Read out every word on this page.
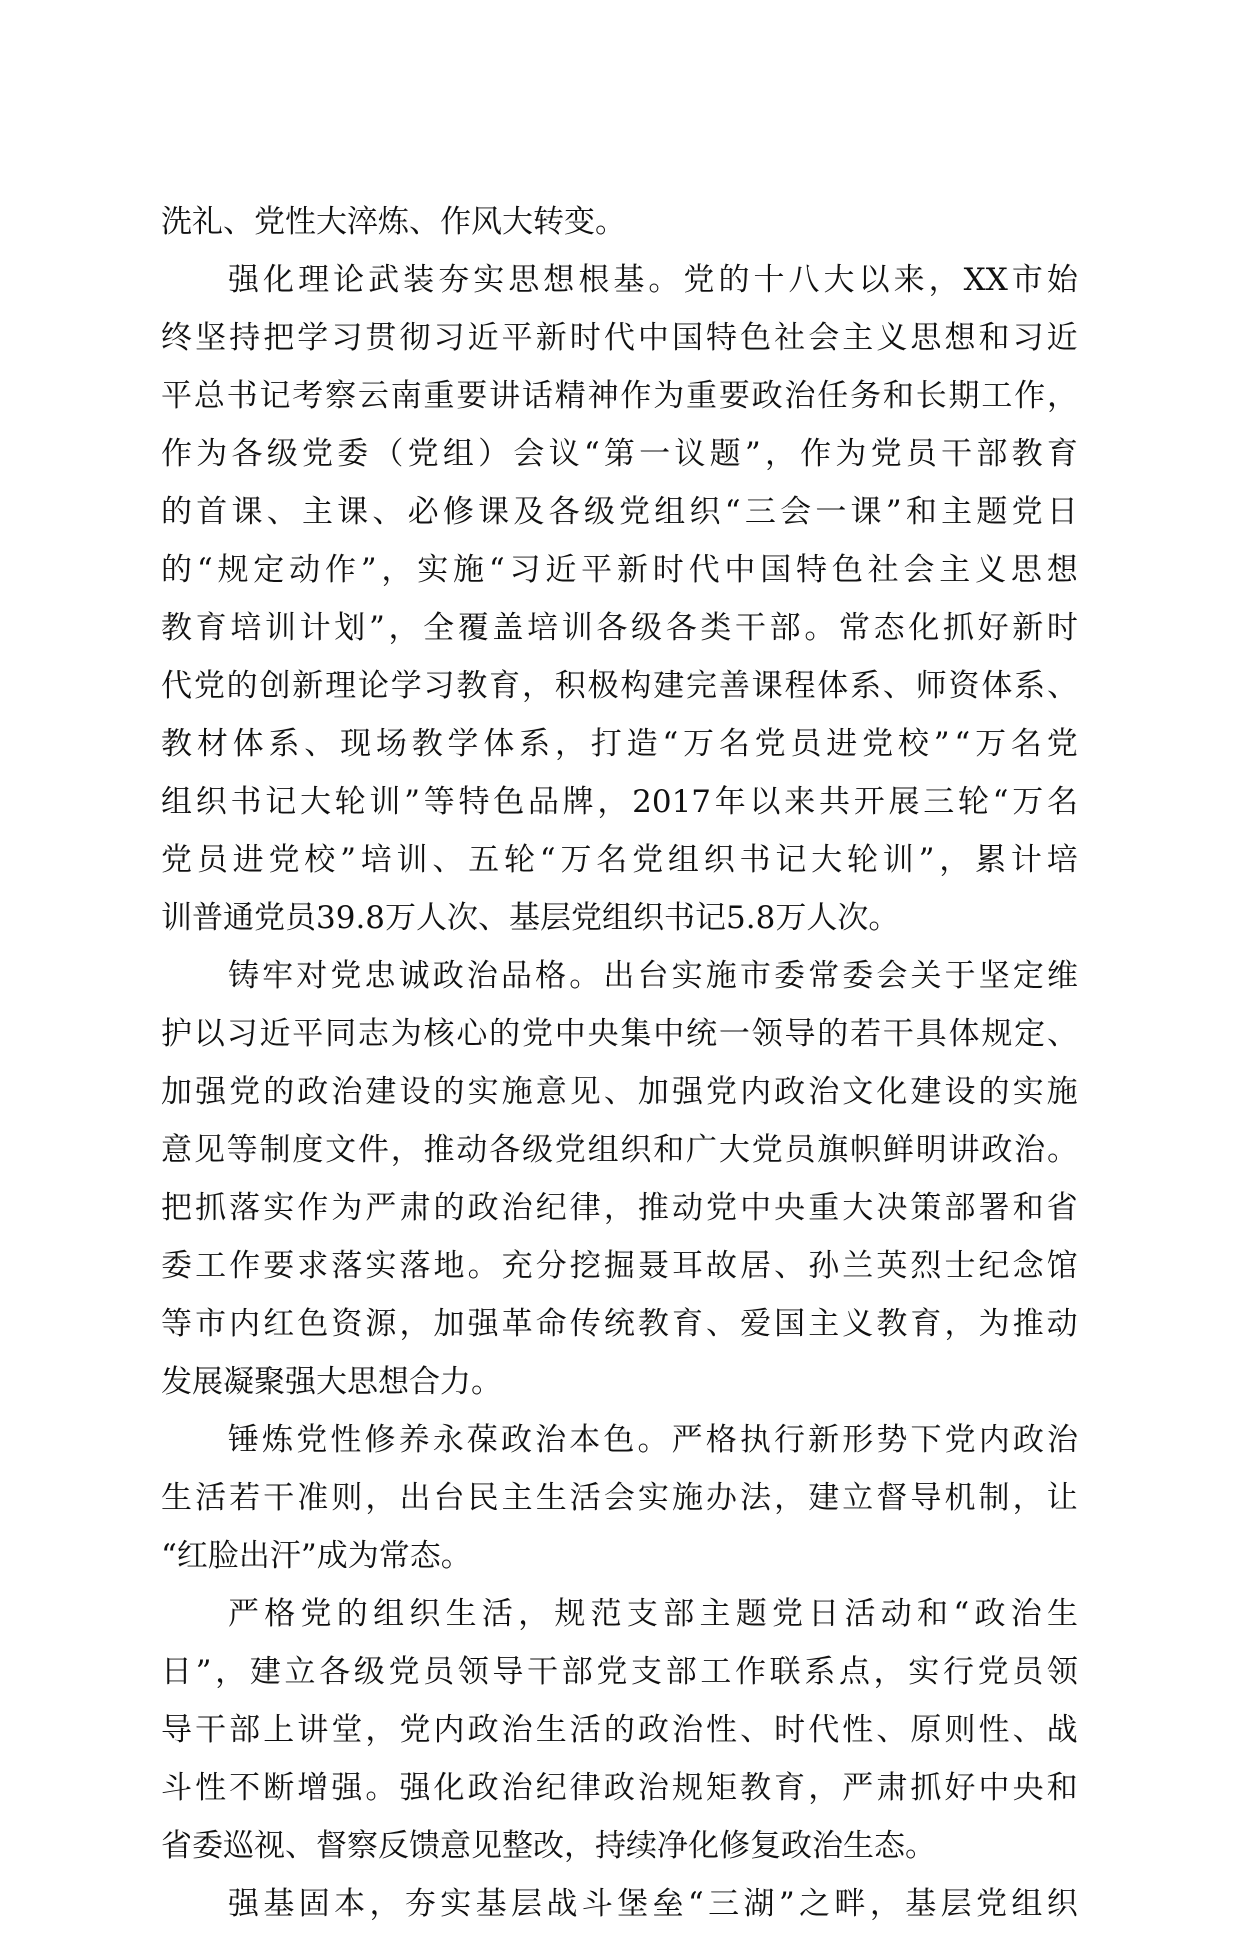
洗礼、党性大淬炼、作风大转变。
强 化 理 论 武 装 夯 实 思 想 根 基 。 党 的 十 八 大 以 来 ， XX 市 始
终 坚 持 把 学 习 贯 彻 习 近 平 新 时 代 中 国 特 色 社 会 主 义 思 想 和 习 近
平 总 书 记 考 察 云 南 重 要 讲 话 精 神 作 为 重 要 政 治 任 务 和 长 期 工 作 ，
作 为 各 级 党 委 （ 党 组 ） 会 议 “ 第 一 议 题 ” ， 作 为 党 员 干 部 教 育
的 首 课 、 主 课 、 必 修 课 及 各 级 党 组 织 “ 三 会 一 课 ” 和 主 题 党 日
的 “ 规 定 动 作 ” ， 实 施 “ 习 近 平 新 时 代 中 国 特 色 社 会 主 义 思 想
教 育 培 训 计 划 ” ， 全 覆 盖 培 训 各 级 各 类 干 部 。 常 态 化 抓 好 新 时
代 党 的 创 新 理 论 学 习 教 育 ， 积 极 构 建 完 善 课 程 体 系 、 师 资 体 系 、
教 材 体 系 、 现 场 教 学 体 系 ， 打 造 “ 万 名 党 员 进 党 校 ” “ 万 名 党
组 织 书 记 大 轮 训 ” 等 特 色 品 牌 ， 2017 年 以 来 共 开 展 三 轮 “ 万 名
党 员 进 党 校 ” 培 训 、 五 轮 “ 万 名 党 组 织 书 记 大 轮 训 ” ， 累 计 培
训普通党员39.8万人次、基层党组织书记5.8万人次。
铸 牢 对 党 忠 诚 政 治 品 格 。 出 台 实 施 市 委 常 委 会 关 于 坚 定 维
护 以 习 近 平 同 志 为 核 心 的 党 中 央 集 中 统 一 领 导 的 若 干 具 体 规 定 、
加 强 党 的 政 治 建 设 的 实 施 意 见 、 加 强 党 内 政 治 文 化 建 设 的 实 施
意 见 等 制 度 文 件 ， 推 动 各 级 党 组 织 和 广 大 党 员 旗 帜 鲜 明 讲 政 治 。
把 抓 落 实 作 为 严 肃 的 政 治 纪 律 ， 推 动 党 中 央 重 大 决 策 部 署 和 省
委 工 作 要 求 落 实 落 地 。 充 分 挖 掘 聂 耳 故 居 、 孙 兰 英 烈 士 纪 念 馆
等 市 内 红 色 资 源 ， 加 强 革 命 传 统 教 育 、 爱 国 主 义 教 育 ， 为 推 动
发展凝聚强大思想合力。
锤 炼 党 性 修 养 永 葆 政 治 本 色 。 严 格 执 行 新 形 势 下 党 内 政 治
生 活 若 干 准 则 ， 出 台 民 主 生 活 会 实 施 办 法 ， 建 立 督 导 机 制 ， 让
“红脸出汗”成为常态。
严 格 党 的 组 织 生 活 ， 规 范 支 部 主 题 党 日 活 动 和 “ 政 治 生
日 ” ， 建 立 各 级 党 员 领 导 干 部 党 支 部 工 作 联 系 点 ， 实 行 党 员 领
导 干 部 上 讲 堂 ， 党 内 政 治 生 活 的 政 治 性 、 时 代 性 、 原 则 性 、 战
斗 性 不 断 增 强 。 强 化 政 治 纪 律 政 治 规 矩 教 育 ， 严 肃 抓 好 中 央 和
省委巡视、督察反馈意见整改，持续净化修复政治生态。
强 基 固 本 ， 夯 实 基 层 战 斗 堡 垒 “ 三 湖 ” 之 畔 ， 基 层 党 组 织
